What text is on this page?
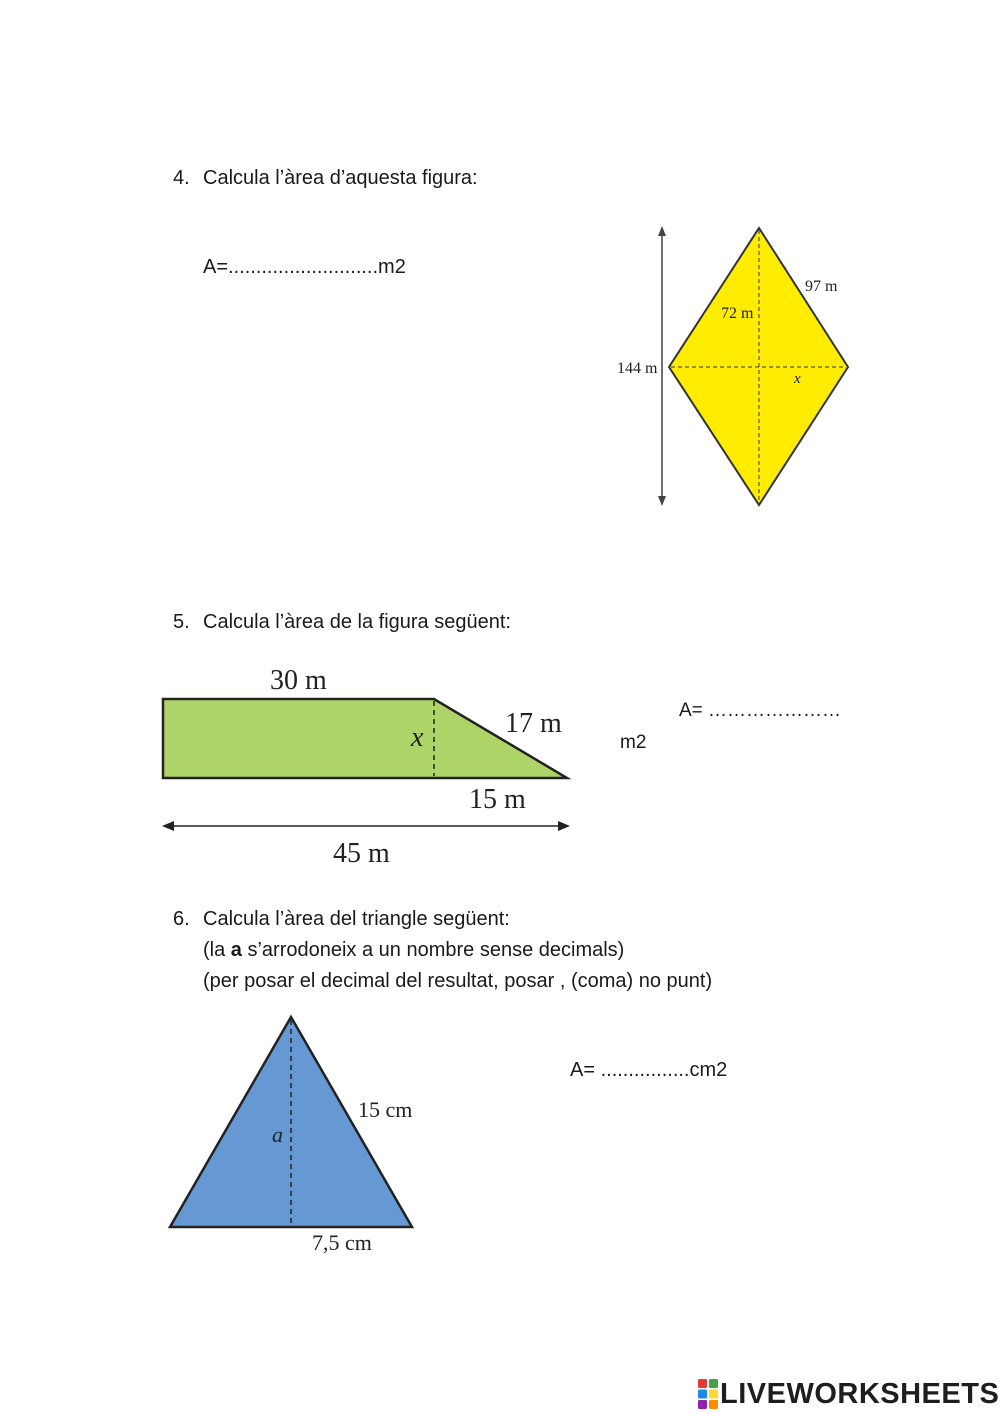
4. Calcula l’àrea d’aquesta figura:
A=...........................m2
144 m
72 m
97 m
x
5. Calcula l’àrea de la figura següent:
30 m
17 m
x
15 m
45 m
A= …………………
m2
6. Calcula l’àrea del triangle següent:
(la a s’arrodoneix a un nombre sense decimals)
(per posar el decimal del resultat, posar , (coma) no punt)
15 cm
a
7,5 cm
A= ................cm2
LIVEWORKSHEETS
